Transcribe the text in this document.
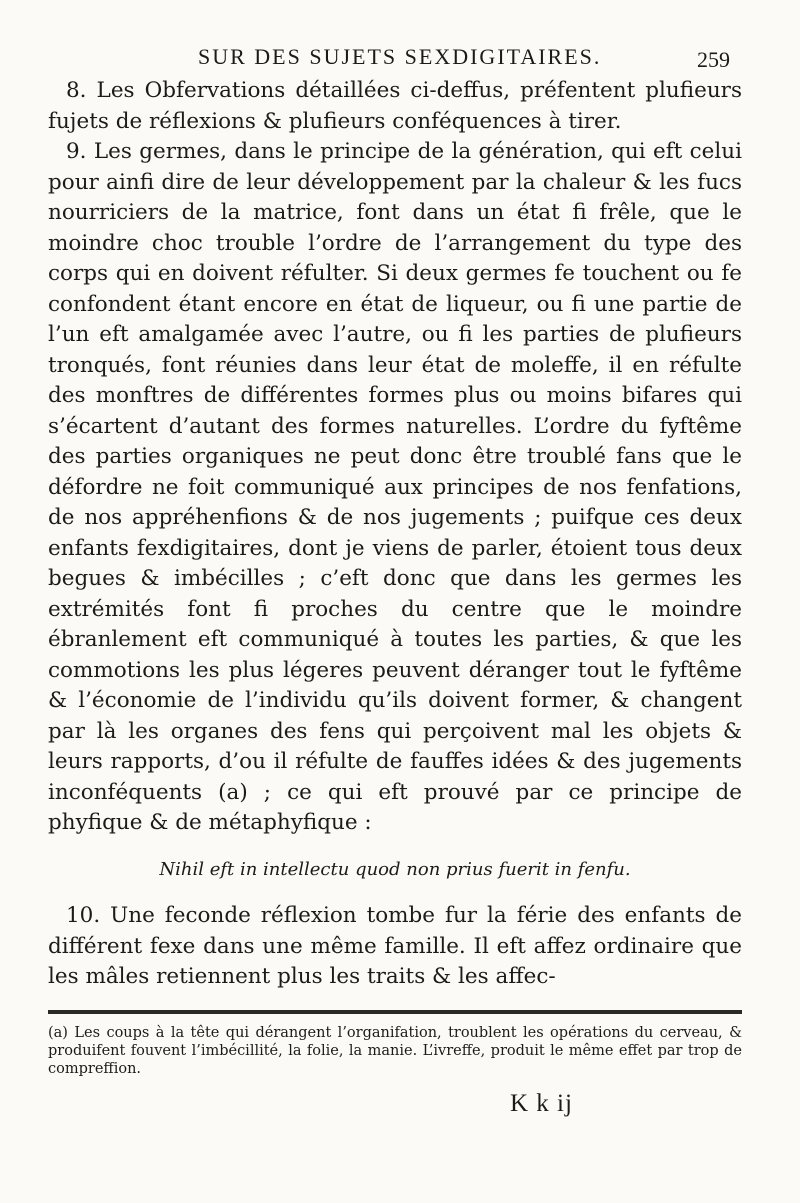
SUR DES SUJETS SEXDIGITAIRES.	259

8. Les Obfervations détaillées ci-deffus, préfentent plufieurs fujets de réflexions & plufieurs conféquences à tirer.

9. Les germes, dans le principe de la génération, qui eft celui pour ainfi dire de leur développement par la chaleur & les fucs nourriciers de la matrice, font dans un état fi frêle, que le moindre choc trouble l’ordre de l’arrangement du type des corps qui en doivent réfulter. Si deux germes fe touchent ou fe confondent étant encore en état de liqueur, ou fi une partie de l’un eft amalgamée avec l’autre, ou fi les parties de plufieurs tronqués, font réunies dans leur état de moleffe, il en réfulte des monftres de différentes formes plus ou moins bifares qui s’écartent d’autant des formes naturelles. L’ordre du fyftême des parties organiques ne peut donc être troublé fans que le défordre ne foit communiqué aux principes de nos fenfations, de nos appréhenfions & de nos jugements ; puifque ces deux enfants fexdigitaires, dont je viens de parler, étoient tous deux begues & imbécilles ; c’eft donc que dans les germes les extrémités font fi proches du centre que le moindre ébranlement eft communiqué à toutes les parties, & que les commotions les plus légeres peuvent déranger tout le fyftême & l’économie de l’individu qu’ils doivent former, & changent par là les organes des fens qui perçoivent mal les objets & leurs rapports, d’ou il réfulte de fauffes idées & des jugements inconféquents (a) ; ce qui eft prouvé par ce principe de phyfique & de métaphyfique :

Nihil eft in intellectu quod non prius fuerit in fenfu.

10. Une feconde réflexion tombe fur la férie des enfants de différent fexe dans une même famille. Il eft affez ordinaire que les mâles retiennent plus les traits & les affec-

(a) Les coups à la tête qui dérangent l’organifation, troublent les opérations du cerveau, & produifent fouvent l’imbécillité, la folie, la manie. L’ivreffe, produit le même effet par trop de compreffion.
K k ij
